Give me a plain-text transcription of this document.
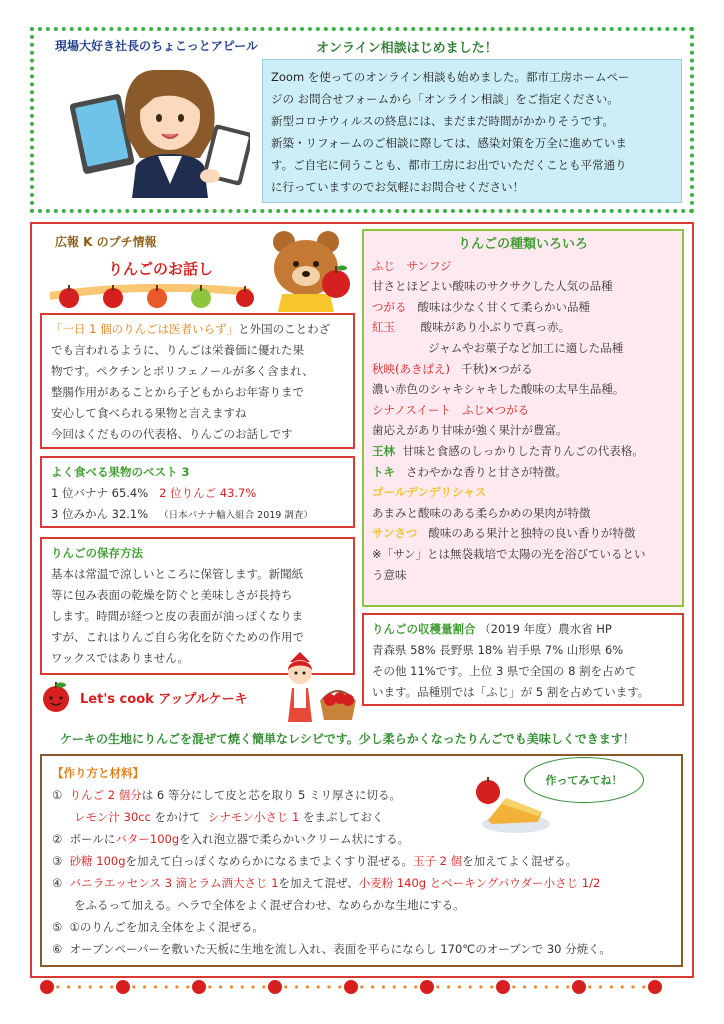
現場大好き社長のちょこっとアピール	オンライン相談はじめました！
Zoom を使ってのオンライン相談も始めました。都市工房ホームペー
ジの お問合せフォームから「オンライン相談」をご指定ください。
新型コロナウィルスの終息には、まだまだ時間がかかりそうです。
新築・リフォームのご相談に際しては、感染対策を万全に進めていま
す。ご自宅に伺うことも、都市工房にお出でいただくことも平常通り
に行っていますのでお気軽にお問合せください！
広報 K のプチ情報
りんごのお話し
「一日 1 個のりんごは医者いらず」と外国のことわざ
でも言われるように、りんごは栄養価に優れた果
物です。ペクチンとポリフェノールが多く含まれ、
整腸作用があることから子どもからお年寄りまで
安心して食べられる果物と言えますね
今回はくだものの代表格、りんごのお話しです
よく食べる果物のベスト 3
1 位バナナ 65.4% 2 位りんご 43.7%
3 位みかん 32.1% （日本バナナ輸入組合 2019 調査）
りんごの保存方法
基本は常温で涼しいところに保管します。新聞紙
等に包み表面の乾燥を防ぐと美味しさが長持ち
します。時間が経つと皮の表面が油っぽくなりま
すが、これはりんご自ら劣化を防ぐための作用で
ワックスではありません。
りんごの種類いろいろ
ふじ　サンフジ
甘さとほどよい酸味のサクサクした人気の品種
つがる 酸味は少なく甘くて柔らかい品種
紅玉 酸味があり小ぶりで真っ赤。
ジャムやお菓子など加工に適した品種
秋映(あきばえ) 千秋)×つがる
濃い赤色のシャキシャキした酸味の太早生品種。
シナノスイート ふじ×つがる
歯応えがあり甘味が強く果汁が豊富。
王林 甘味と食感のしっかりした青りんごの代表格。
トキ さわやかな香りと甘さが特徴。
ゴールデンデリシャス
あまみと酸味のある柔らかめの果肉が特徴
サンさつ 酸味のある果汁と独特の良い香りが特徴
※「サン」とは無袋栽培で太陽の光を浴びているとい
う意味
りんごの収穫量割合 （2019 年度）農水省 HP
青森県 58% 長野県 18% 岩手県 7% 山形県 6%
その他 11%です。上位 3 県で全国の 8 割を占めて
います。品種別では「ふじ」が 5 割を占めています。
Let's cook アップルケーキ
ケーキの生地にりんごを混ぜて焼く簡単なレシピです。少し柔らかくなったりんごでも美味しくできます！
【作り方と材料】
① りんご 2 個分は 6 等分にして皮と芯を取り 5 ミリ厚さに切る。
レモン汁 30cc をかけて シナモン小さじ 1 をまぶしておく
② ボールにバター100gを入れ泡立器で柔らかいクリーム状にする。
③ 砂糖 100gを加えて白っぽくなめらかになるまでよくすり混ぜる。玉子 2 個を加えてよく混ぜる。
④ バニラエッセンス 3 滴とラム酒大さじ 1を加えて混ぜ、小麦粉 140g とベーキングパウダー小さじ 1/2
をふるって加える。ヘラで全体をよく混ぜ合わせ、なめらかな生地にする。
⑤ ①のりんごを加え全体をよく混ぜる。
⑥ オーブンペーパーを敷いた天板に生地を流し入れ、表面を平らにならし 170℃のオーブンで 30 分焼く。
作ってみてね！
